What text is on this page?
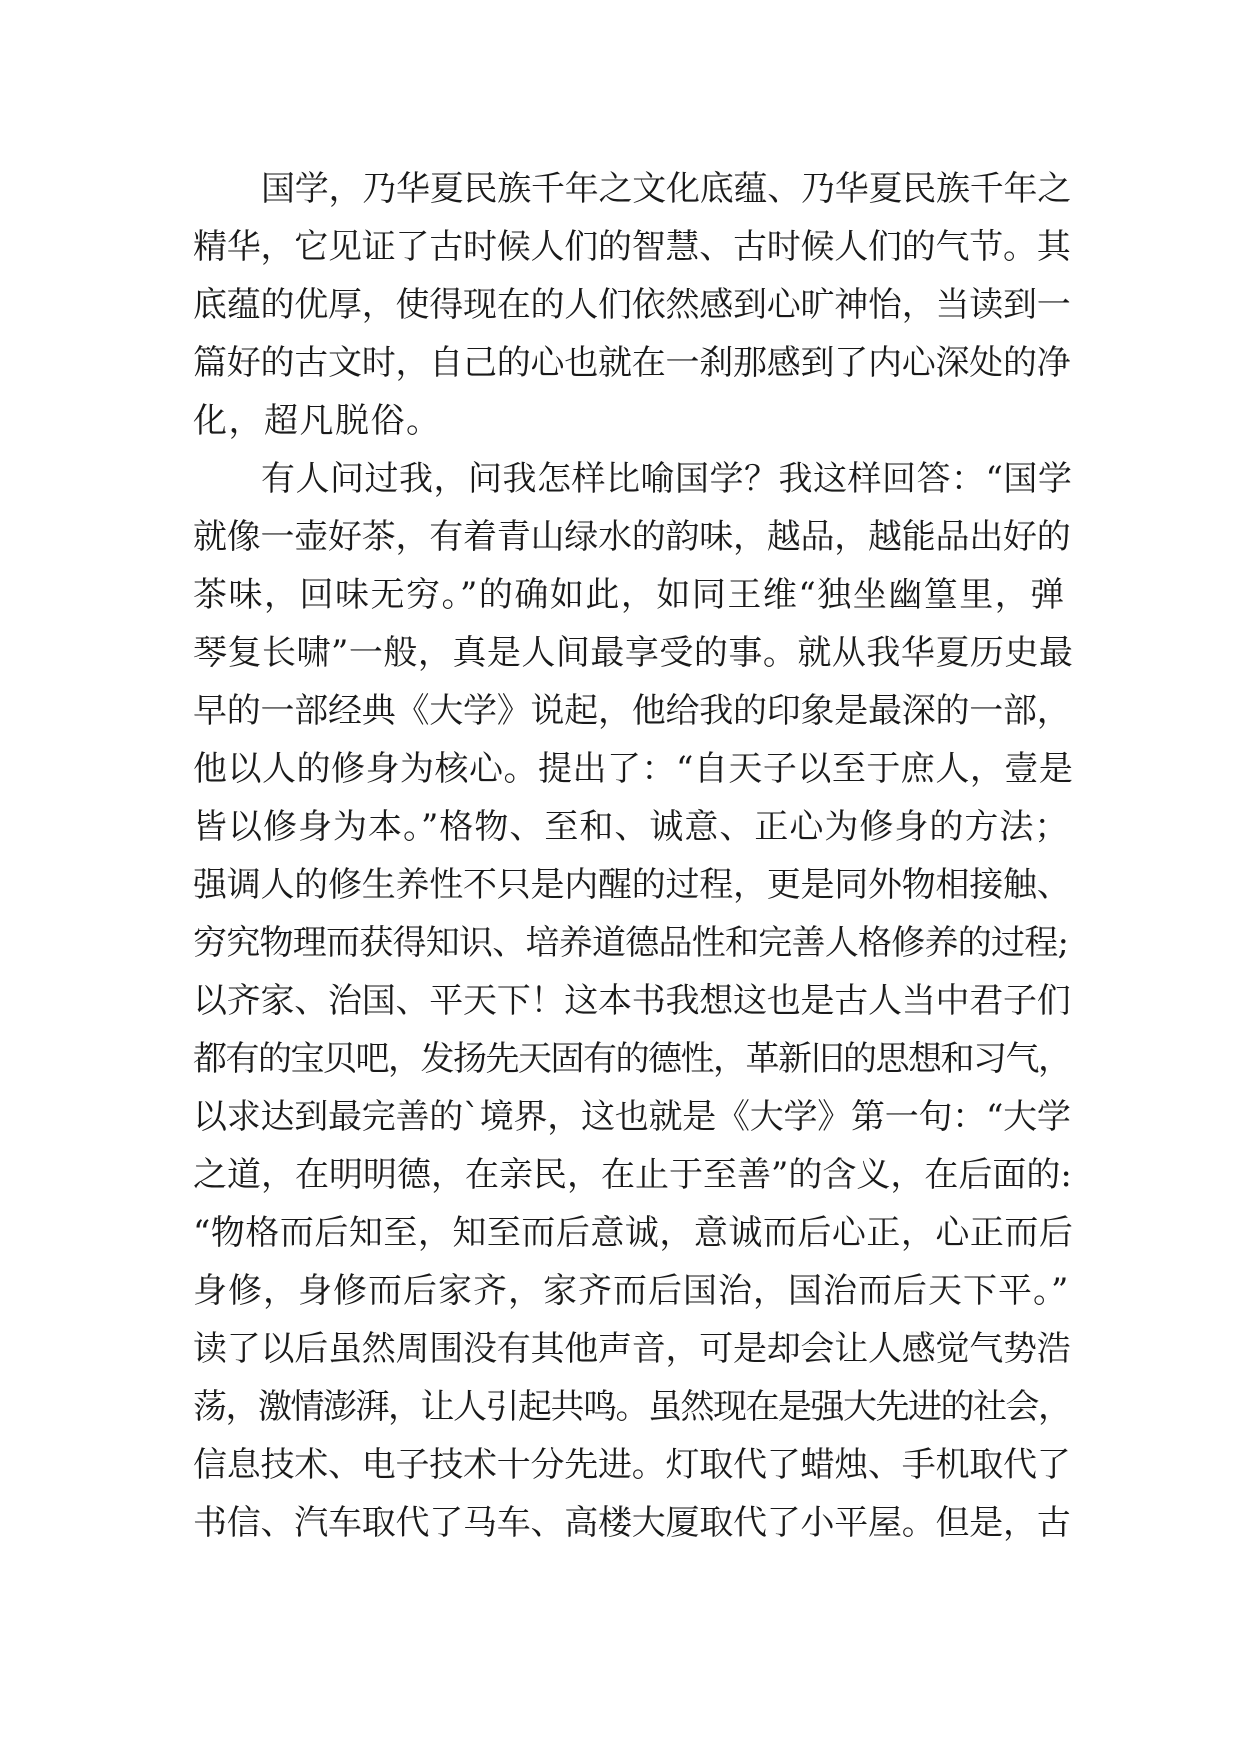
国学，乃华夏民族千年之文化底蕴、乃华夏民族千年之
精华，它见证了古时候人们的智慧、古时候人们的气节。其
底蕴的优厚，使得现在的人们依然感到心旷神怡，当读到一
篇好的古文时，自己的心也就在一刹那感到了内心深处的净
化，超凡脱俗。
有人问过我，问我怎样比喻国学？我这样回答：“国学
就像一壶好茶，有着青山绿水的韵味，越品，越能品出好的
茶味，回味无穷。”的确如此，如同王维“独坐幽篁里，弹
琴复长啸”一般，真是人间最享受的事。就从我华夏历史最
早的一部经典《大学》说起，他给我的印象是最深的一部，
他以人的修身为核心。提出了：“自天子以至于庶人，壹是
皆以修身为本。”格物、至和、诚意、正心为修身的方法；
强调人的修生养性不只是内醒的过程，更是同外物相接触、
穷究物理而获得知识、培养道德品性和完善人格修养的过程;
以齐家、治国、平天下！这本书我想这也是古人当中君子们
都有的宝贝吧，发扬先天固有的德性，革新旧的思想和习气，
以求达到最完善的`境界，这也就是《大学》第一句：“大学
之道，在明明德，在亲民，在止于至善”的含义，在后面的:
“物格而后知至，知至而后意诚，意诚而后心正，心正而后
身修，身修而后家齐，家齐而后国治，国治而后天下平。”
读了以后虽然周围没有其他声音，可是却会让人感觉气势浩
荡，激情澎湃，让人引起共鸣。虽然现在是强大先进的社会，
信息技术、电子技术十分先进。灯取代了蜡烛、手机取代了
书信、汽车取代了马车、高楼大厦取代了小平屋。但是，古
